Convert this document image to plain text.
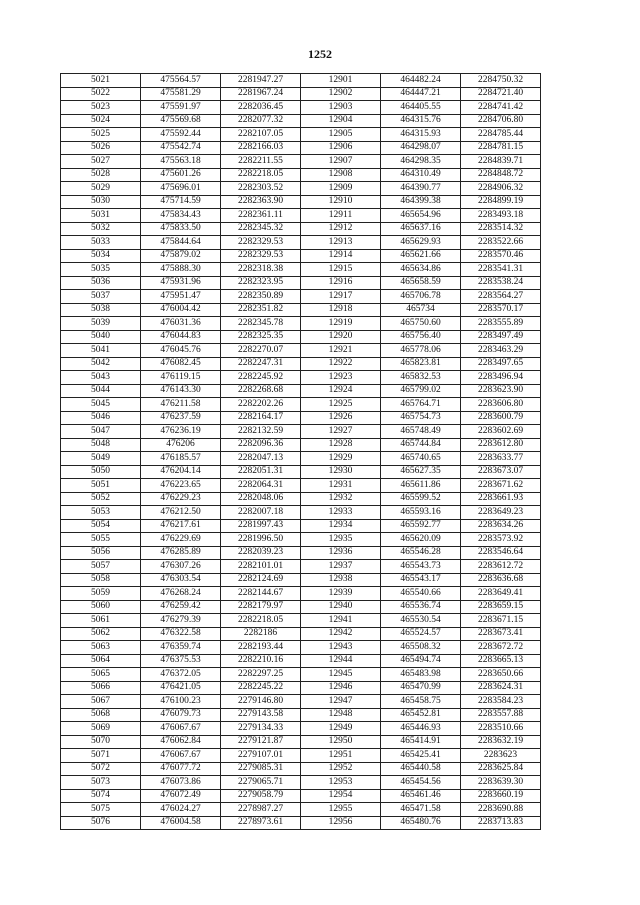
1252
5021	475564.57	2281947.27	12901	464482.24	2284750.32
5022	475581.29	2281967.24	12902	464447.21	2284721.40
5023	475591.97	2282036.45	12903	464405.55	2284741.42
5024	475569.68	2282077.32	12904	464315.76	2284706.80
5025	475592.44	2282107.05	12905	464315.93	2284785.44
5026	475542.74	2282166.03	12906	464298.07	2284781.15
5027	475563.18	2282211.55	12907	464298.35	2284839.71
5028	475601.26	2282218.05	12908	464310.49	2284848.72
5029	475696.01	2282303.52	12909	464390.77	2284906.32
5030	475714.59	2282363.90	12910	464399.38	2284899.19
5031	475834.43	2282361.11	12911	465654.96	2283493.18
5032	475833.50	2282345.32	12912	465637.16	2283514.32
5033	475844.64	2282329.53	12913	465629.93	2283522.66
5034	475879.02	2282329.53	12914	465621.66	2283570.46
5035	475888.30	2282318.38	12915	465634.86	2283541.31
5036	475931.96	2282323.95	12916	465658.59	2283538.24
5037	475951.47	2282350.89	12917	465706.78	2283564.27
5038	476004.42	2282351.82	12918	465734	2283570.17
5039	476031.36	2282345.78	12919	465750.60	2283555.89
5040	476044.83	2282325.35	12920	465756.40	2283497.49
5041	476045.76	2282270.07	12921	465778.06	2283463.29
5042	476082.45	2282247.31	12922	465823.81	2283497.65
5043	476119.15	2282245.92	12923	465832.53	2283496.94
5044	476143.30	2282268.68	12924	465799.02	2283623.90
5045	476211.58	2282202.26	12925	465764.71	2283606.80
5046	476237.59	2282164.17	12926	465754.73	2283600.79
5047	476236.19	2282132.59	12927	465748.49	2283602.69
5048	476206	2282096.36	12928	465744.84	2283612.80
5049	476185.57	2282047.13	12929	465740.65	2283633.77
5050	476204.14	2282051.31	12930	465627.35	2283673.07
5051	476223.65	2282064.31	12931	465611.86	2283671.62
5052	476229.23	2282048.06	12932	465599.52	2283661.93
5053	476212.50	2282007.18	12933	465593.16	2283649.23
5054	476217.61	2281997.43	12934	465592.77	2283634.26
5055	476229.69	2281996.50	12935	465620.09	2283573.92
5056	476285.89	2282039.23	12936	465546.28	2283546.64
5057	476307.26	2282101.01	12937	465543.73	2283612.72
5058	476303.54	2282124.69	12938	465543.17	2283636.68
5059	476268.24	2282144.67	12939	465540.66	2283649.41
5060	476259.42	2282179.97	12940	465536.74	2283659.15
5061	476279.39	2282218.05	12941	465530.54	2283671.15
5062	476322.58	2282186	12942	465524.57	2283673.41
5063	476359.74	2282193.44	12943	465508.32	2283672.72
5064	476375.53	2282210.16	12944	465494.74	2283665.13
5065	476372.05	2282297.25	12945	465483.98	2283650.66
5066	476421.05	2282245.22	12946	465470.99	2283624.31
5067	476100.23	2279146.80	12947	465458.75	2283584.23
5068	476079.73	2279143.58	12948	465452.81	2283557.88
5069	476067.67	2279134.33	12949	465446.93	2283510.66
5070	476062.84	2279121.87	12950	465414.91	2283632.19
5071	476067.67	2279107.01	12951	465425.41	2283623
5072	476077.72	2279085.31	12952	465440.58	2283625.84
5073	476073.86	2279065.71	12953	465454.56	2283639.30
5074	476072.49	2279058.79	12954	465461.46	2283660.19
5075	476024.27	2278987.27	12955	465471.58	2283690.88
5076	476004.58	2278973.61	12956	465480.76	2283713.83
